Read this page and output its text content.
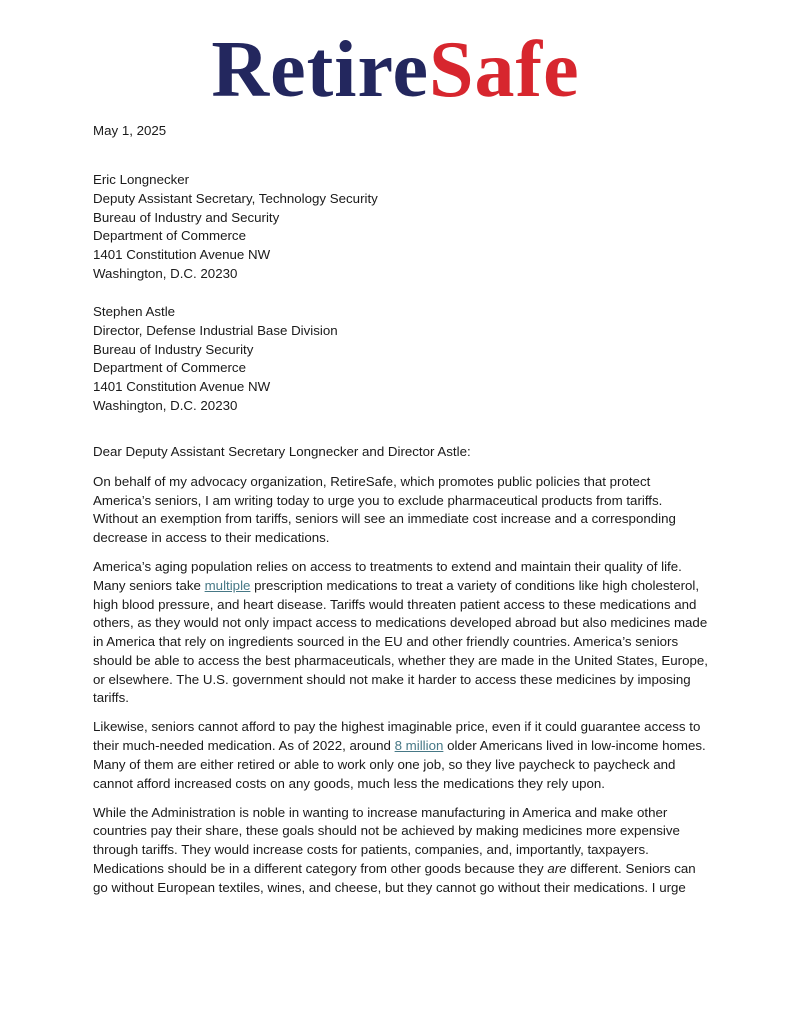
RetireSafe
May 1, 2025
Eric Longnecker
Deputy Assistant Secretary, Technology Security
Bureau of Industry and Security
Department of Commerce
1401 Constitution Avenue NW
Washington, D.C. 20230
Stephen Astle
Director, Defense Industrial Base Division
Bureau of Industry Security
Department of Commerce
1401 Constitution Avenue NW
Washington, D.C. 20230
Dear Deputy Assistant Secretary Longnecker and Director Astle:

On behalf of my advocacy organization, RetireSafe, which promotes public policies that protect America’s seniors, I am writing today to urge you to exclude pharmaceutical products from tariffs. Without an exemption from tariffs, seniors will see an immediate cost increase and a corresponding decrease in access to their medications.

America’s aging population relies on access to treatments to extend and maintain their quality of life. Many seniors take multiple prescription medications to treat a variety of conditions like high cholesterol, high blood pressure, and heart disease. Tariffs would threaten patient access to these medications and others, as they would not only impact access to medications developed abroad but also medicines made in America that rely on ingredients sourced in the EU and other friendly countries. America’s seniors should be able to access the best pharmaceuticals, whether they are made in the United States, Europe, or elsewhere. The U.S. government should not make it harder to access these medicines by imposing tariffs.

Likewise, seniors cannot afford to pay the highest imaginable price, even if it could guarantee access to their much-needed medication. As of 2022, around 8 million older Americans lived in low-income homes. Many of them are either retired or able to work only one job, so they live paycheck to paycheck and cannot afford increased costs on any goods, much less the medications they rely upon.

While the Administration is noble in wanting to increase manufacturing in America and make other countries pay their share, these goals should not be achieved by making medicines more expensive through tariffs. They would increase costs for patients, companies, and, importantly, taxpayers. Medications should be in a different category from other goods because they are different. Seniors can go without European textiles, wines, and cheese, but they cannot go without their medications. I urge
